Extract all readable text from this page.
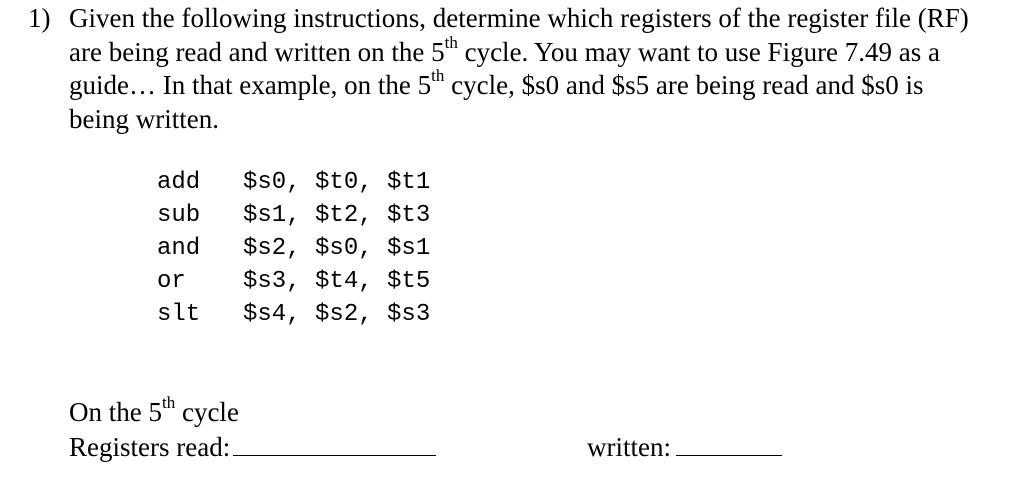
1) Given the following instructions, determine which registers of the register file (RF) are being read and written on the 5th cycle. You may want to use Figure 7.49 as a guide… In that example, on the 5th cycle, $s0 and $s5 are being read and $s0 is being written.
add $s0, $t0, $t1
sub $s1, $t2, $t3
and $s2, $s0, $s1
or $s3, $t4, $t5
slt $s4, $s2, $s3
On the 5th cycle
Registers read:	written:
